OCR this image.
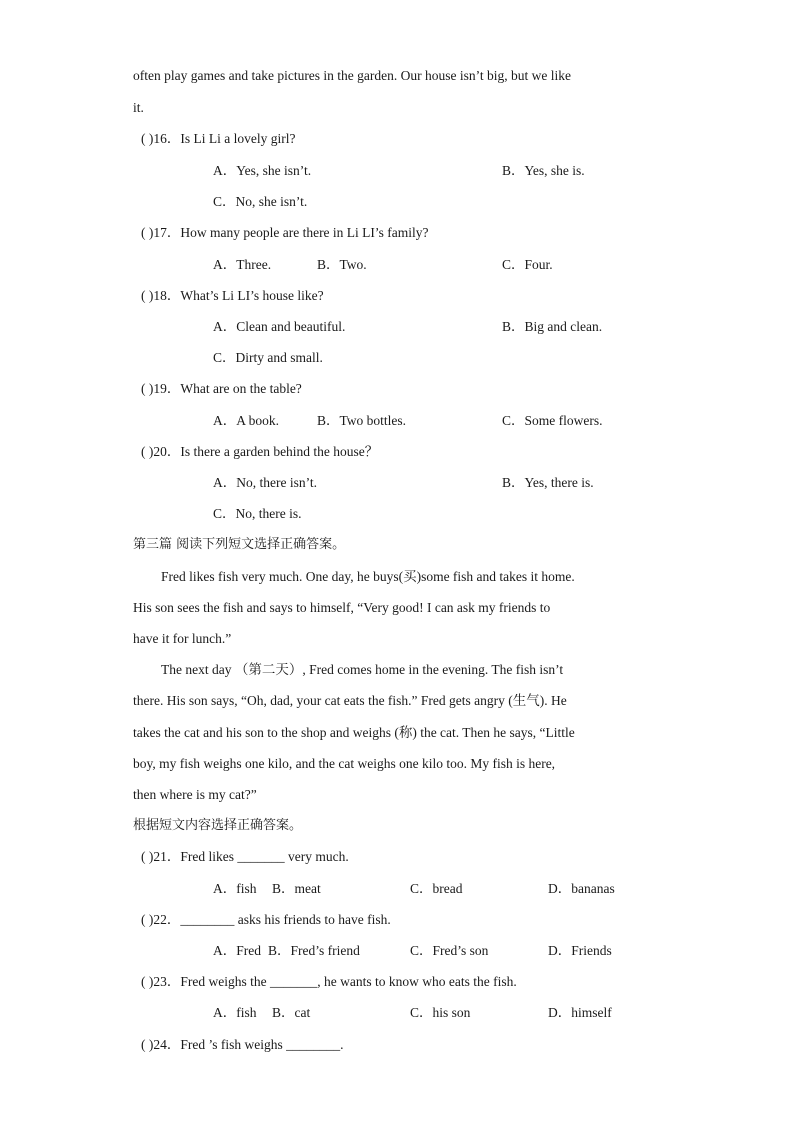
often play games and take pictures in the garden. Our house isn’t big, but we like
it.
( )16．Is Li Li a lovely girl?
A．Yes, she isn’t.	B．Yes, she is.
C．No, she isn’t.
( )17．How many people are there in Li LI’s family?
A．Three.	B．Two.	C．Four.
( )18．What’s Li LI’s house like?
A．Clean and beautiful.	B．Big and clean.
C．Dirty and small.
( )19．What are on the table?
A．A book.	B．Two bottles.	C．Some flowers.
( )20．Is there a garden behind the house？
A．No, there isn’t.	B．Yes, there is.
C．No, there is.
第三篇 阅读下列短文选择正确答案。
Fred likes fish very much. One day, he buys(买)some fish and takes it home.
His son sees the fish and says to himself, “Very good! I can ask my friends to
have it for lunch.”
The next day （第二天）, Fred comes home in the evening. The fish isn’t
there. His son says, “Oh, dad, your cat eats the fish.” Fred gets angry (生气). He
takes the cat and his son to the shop and weighs (称) the cat. Then he says, “Little
boy, my fish weighs one kilo, and the cat weighs one kilo too. My fish is here,
then where is my cat?”
根据短文内容选择正确答案。
( )21．Fred likes _______ very much.
A．fish B．meat	C．bread	D．bananas
( )22．________ asks his friends to have fish.
A．Fred B．Fred’s friend	C．Fred’s son	D．Friends
( )23．Fred weighs the _______, he wants to know who eats the fish.
A．fish B．cat	C．his son	D．himself
( )24．Fred ’s fish weighs ________.
